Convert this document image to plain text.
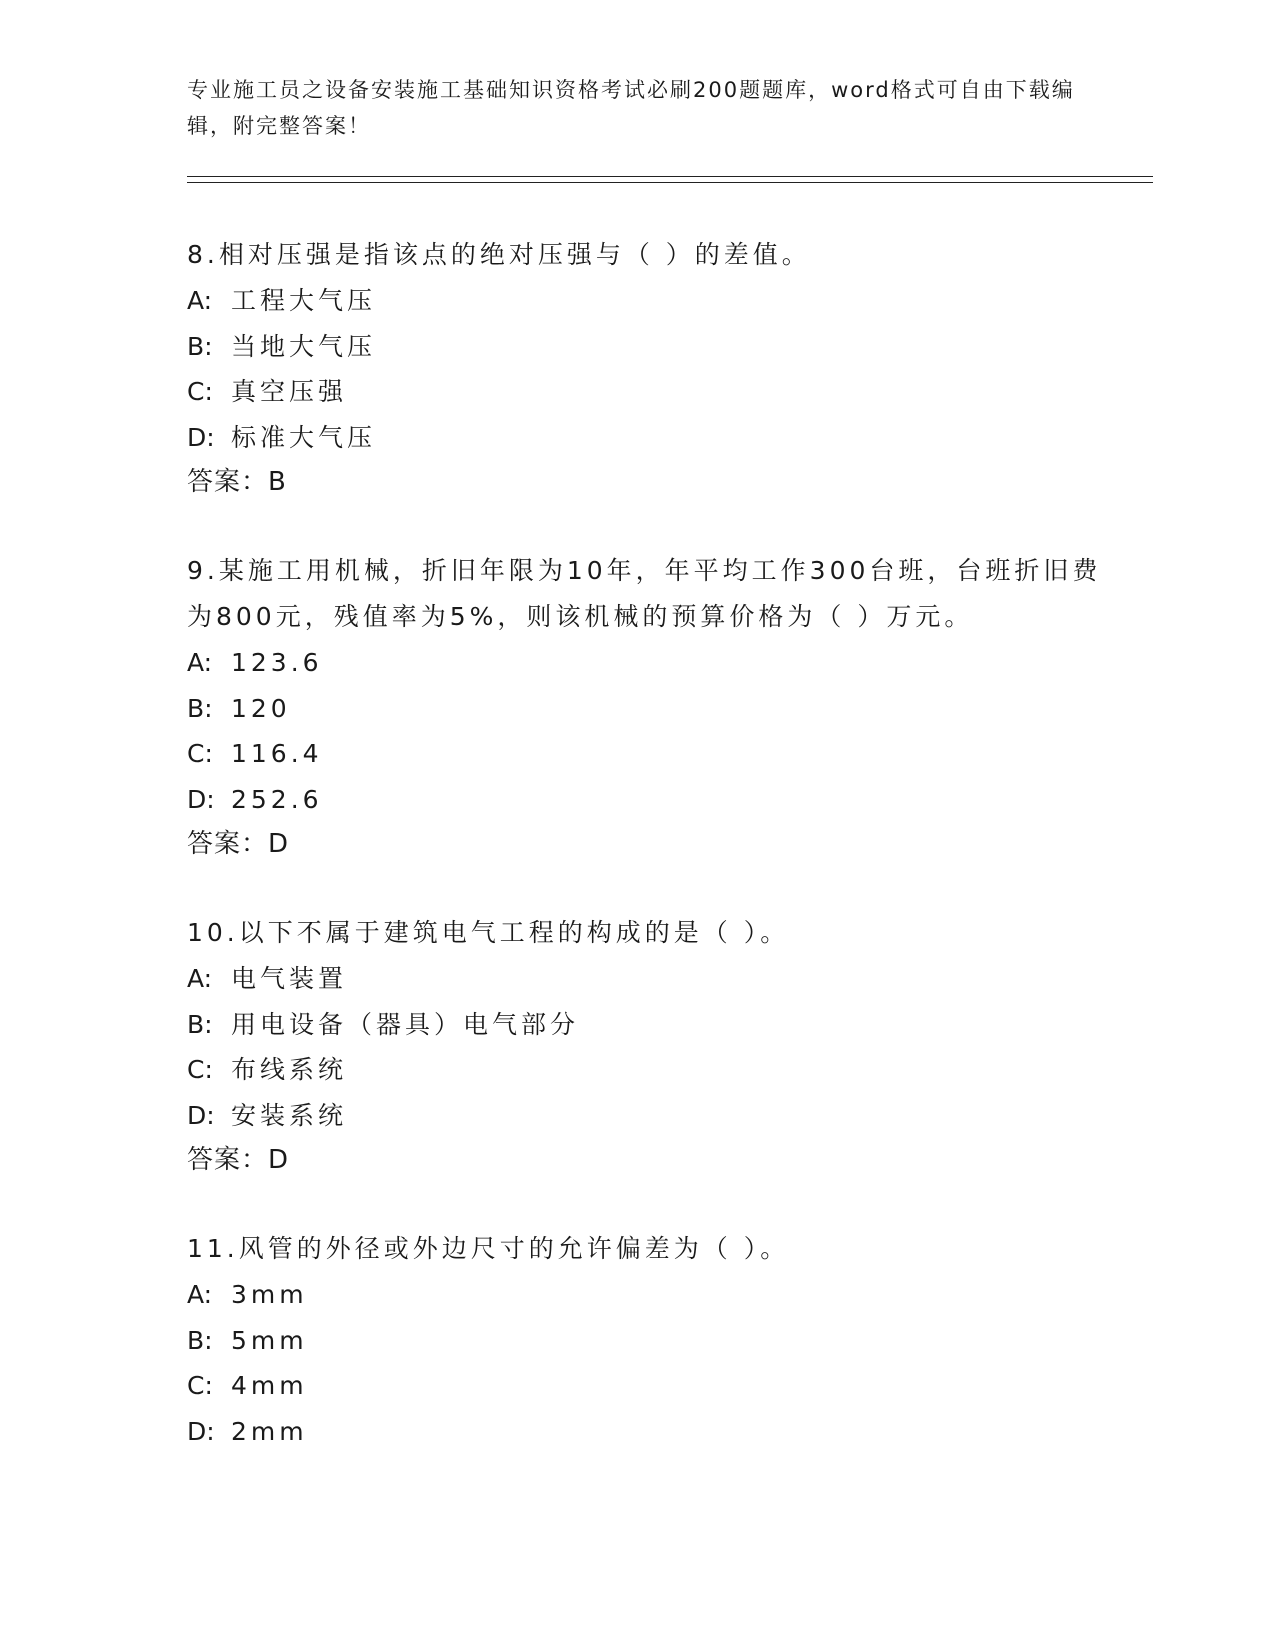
专业施工员之设备安装施工基础知识资格考试必刷200题题库，word格式可自由下载编辑，附完整答案！
8.相对压强是指该点的绝对压强与（ ）的差值。
A: 工程大气压
B: 当地大气压
C: 真空压强
D: 标准大气压
答案：B
9.某施工用机械，折旧年限为10年，年平均工作300台班，台班折旧费为800元，残值率为5%，则该机械的预算价格为（ ）万元。
A: 123.6
B: 120
C: 116.4
D: 252.6
答案：D
10.以下不属于建筑电气工程的构成的是（ ）。
A: 电气装置
B: 用电设备（器具）电气部分
C: 布线系统
D: 安装系统
答案：D
11.风管的外径或外边尺寸的允许偏差为（ ）。
A: 3mm
B: 5mm
C: 4mm
D: 2mm
